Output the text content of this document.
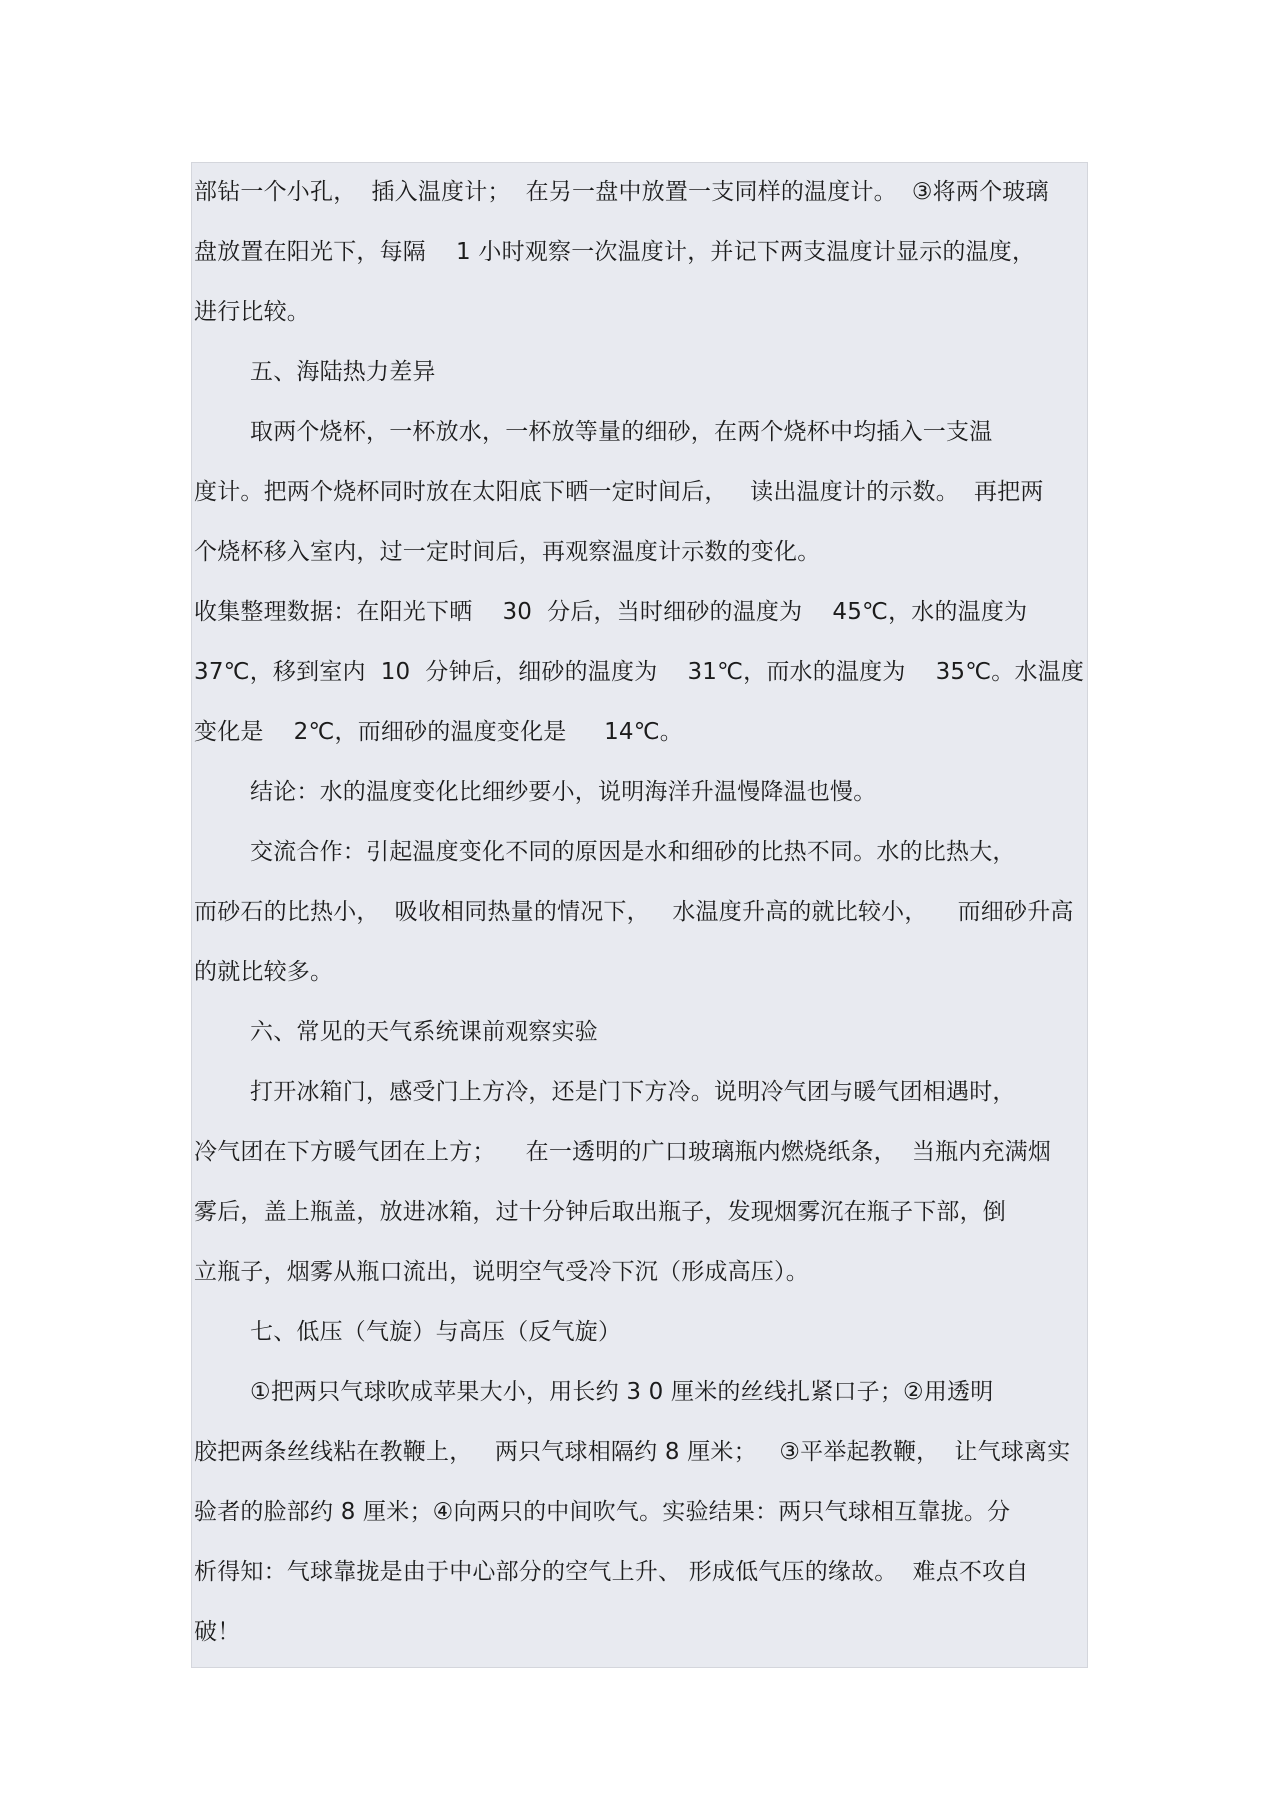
部钻一个小孔，  插入温度计；  在另一盘中放置一支同样的温度计。  ③将两个玻璃
盘放置在阳光下，每隔    1 小时观察一次温度计，并记下两支温度计显示的温度，
进行比较。
五、海陆热力差异
取两个烧杯，一杯放水，一杯放等量的细砂，在两个烧杯中均插入一支温
度计。把两个烧杯同时放在太阳底下晒一定时间后，   读出温度计的示数。  再把两
个烧杯移入室内，过一定时间后，再观察温度计示数的变化。
收集整理数据：在阳光下晒    30  分后，当时细砂的温度为    45℃，水的温度为
37℃，移到室内  10  分钟后，细砂的温度为    31℃，而水的温度为    35℃。水温度
变化是    2℃，而细砂的温度变化是     14℃。
结论：水的温度变化比细纱要小，说明海洋升温慢降温也慢。
交流合作：引起温度变化不同的原因是水和细砂的比热不同。水的比热大，
而砂石的比热小，  吸收相同热量的情况下，   水温度升高的就比较小，    而细砂升高
的就比较多。
六、常见的天气系统课前观察实验
打开冰箱门，感受门上方冷，还是门下方冷。说明冷气团与暖气团相遇时，
冷气团在下方暖气团在上方；    在一透明的广口玻璃瓶内燃烧纸条，  当瓶内充满烟
雾后，盖上瓶盖，放进冰箱，过十分钟后取出瓶子，发现烟雾沉在瓶子下部，倒
立瓶子，烟雾从瓶口流出，说明空气受冷下沉（形成高压）。
七、低压（气旋）与高压（反气旋）
①把两只气球吹成苹果大小，用长约 3 0 厘米的丝线扎紧口子；②用透明
胶把两条丝线粘在教鞭上，   两只气球相隔约 8 厘米；   ③平举起教鞭，  让气球离实
验者的脸部约 8 厘米；④向两只的中间吹气。实验结果：两只气球相互靠拢。分
析得知：气球靠拢是由于中心部分的空气上升、 形成低气压的缘故。  难点不攻自
破！
